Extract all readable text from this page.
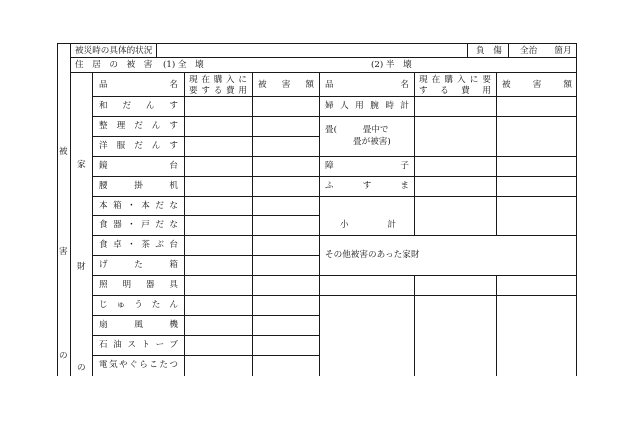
被災時の具体的状況	負　傷 全治　　箇月
住　居　の　被　害 (1) 全　壊	(2) 半　壊
被
害
の
家
財
の
品　名 現在購入に
要する費用
被　害　額 品　名 現在購入に要
する費用
被　害　額
和だんす
整理だんす
洋服だんす
鏡台
腰掛机
本箱・本だな
食器・戸だな
食卓・茶ぶ台
げた箱
照明器具
じゅうたん
扇風機
石油ストーブ
電気やぐらこたつ
婦人用腕時計
畳(　　　畳中で
畳が被害)
障子
ふすま
小　計
その他被害のあった家財
